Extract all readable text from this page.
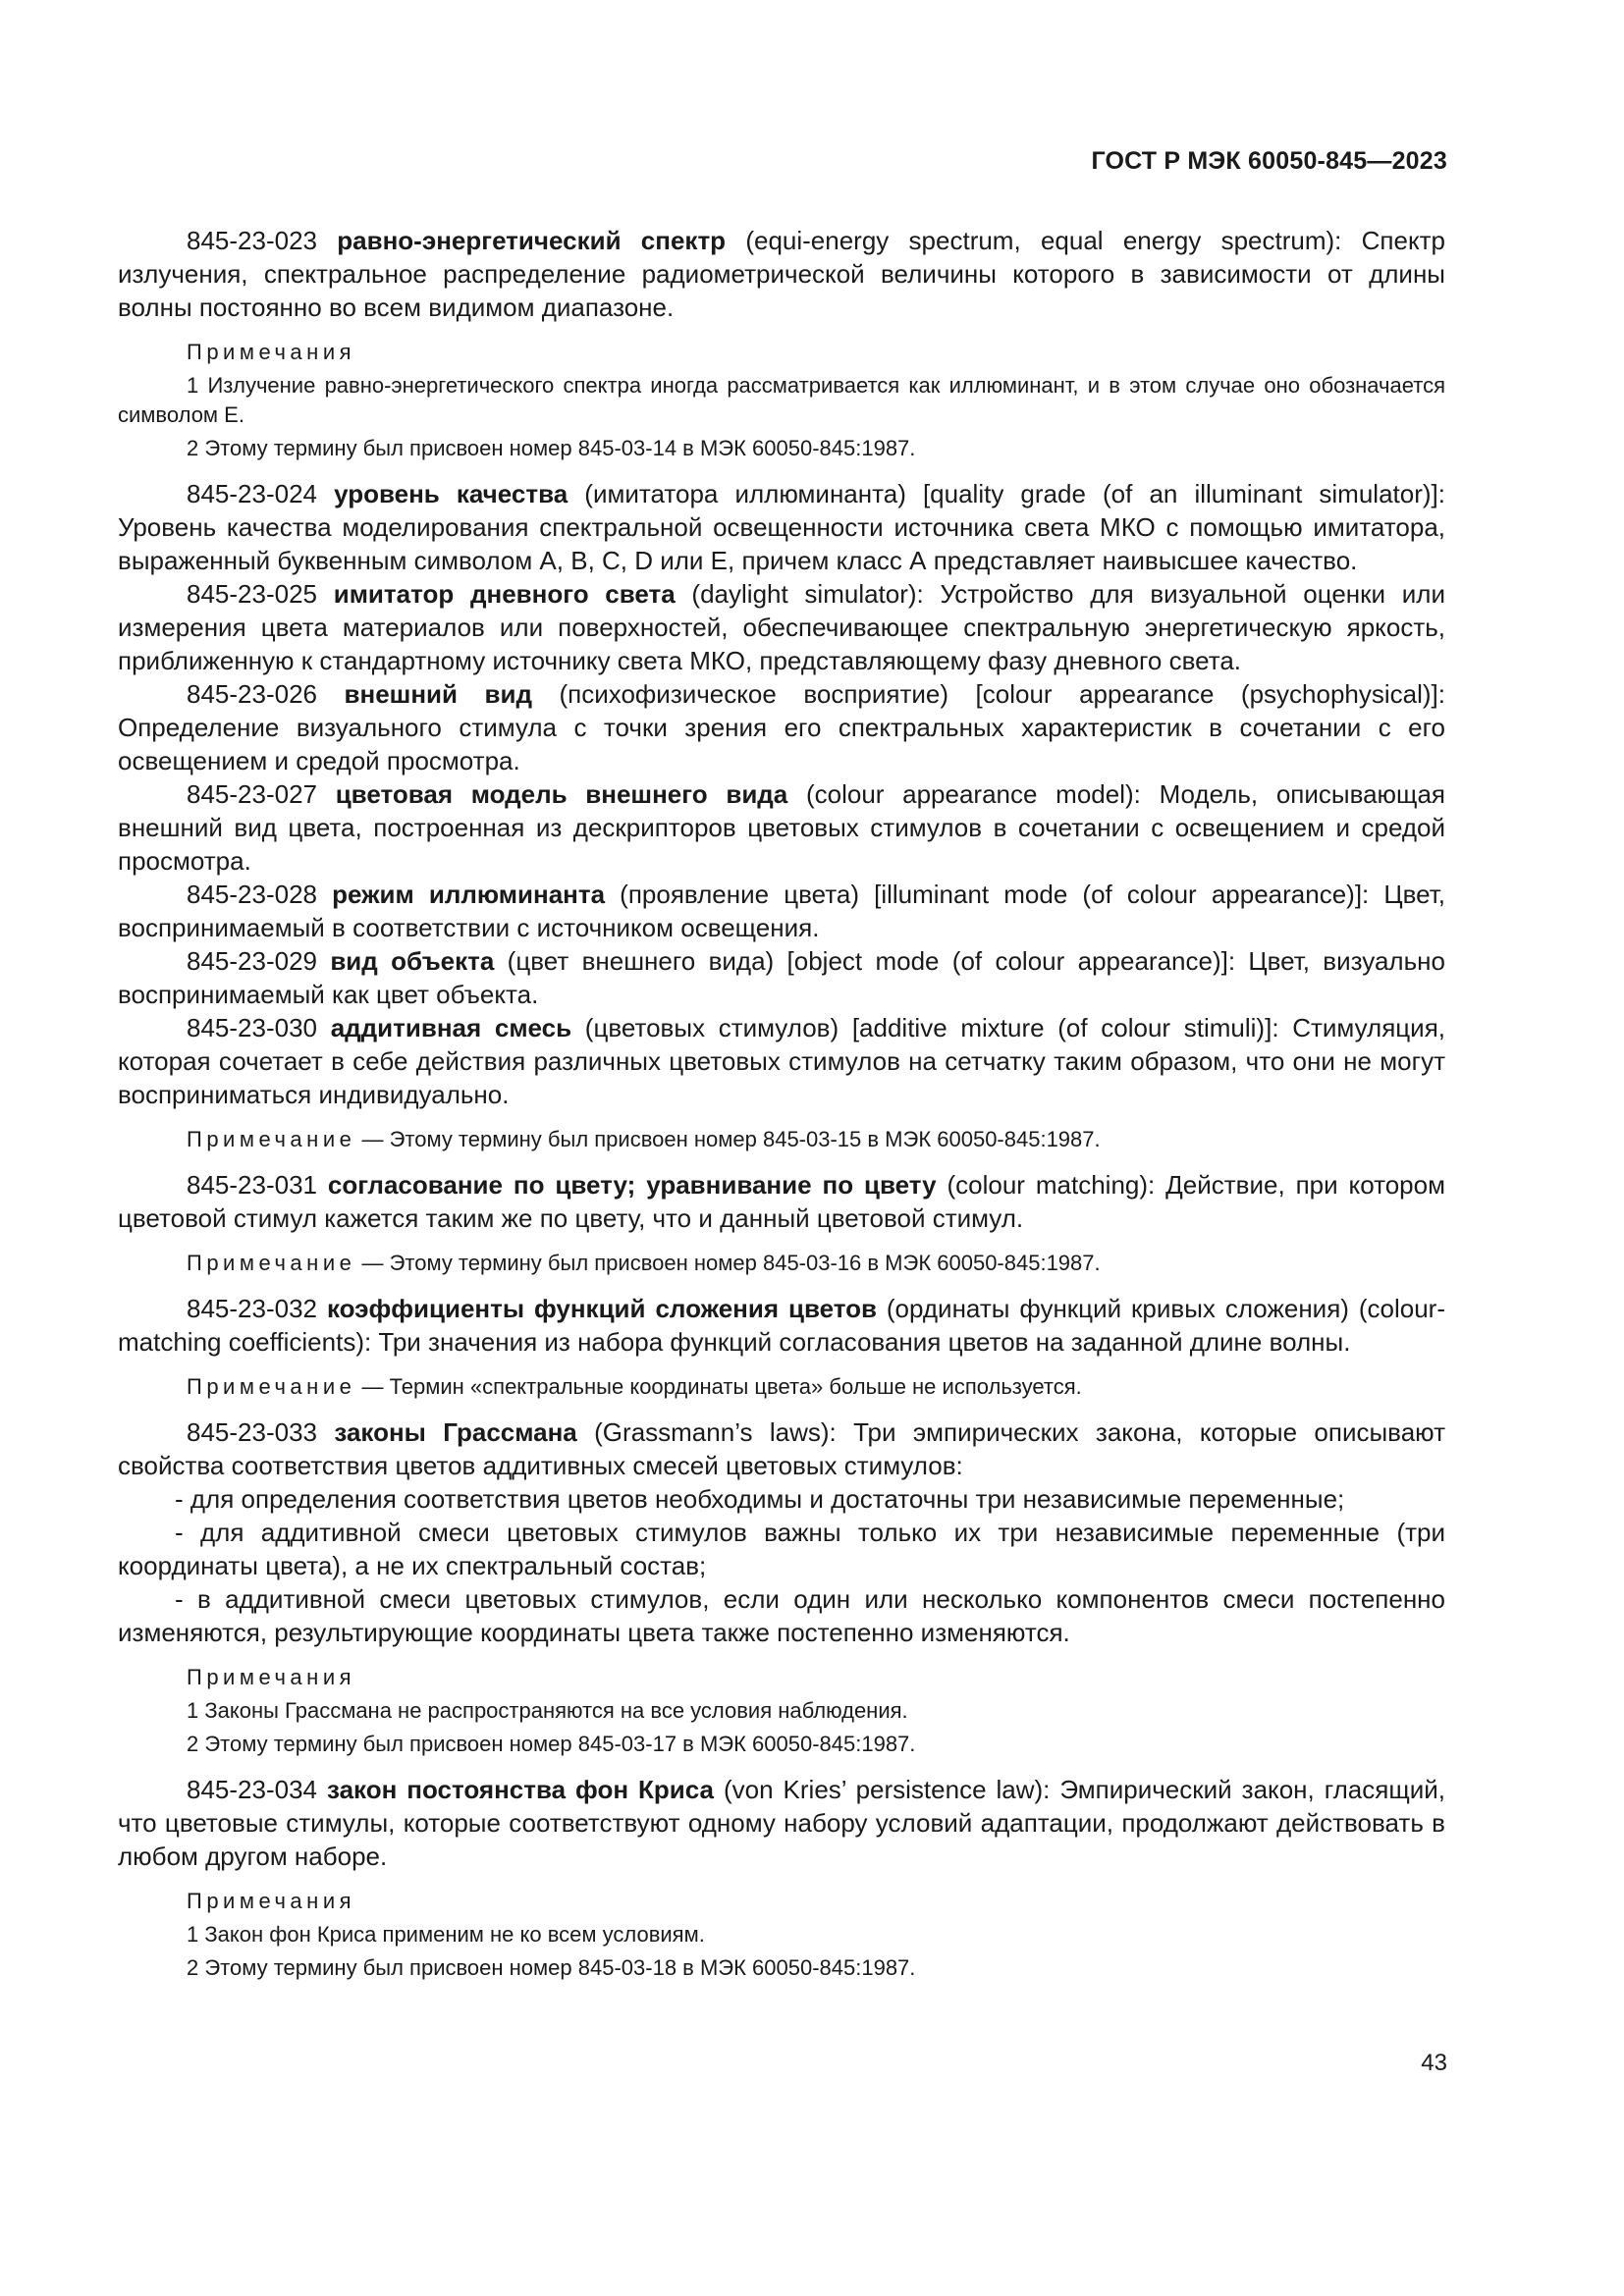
ГОСТ Р МЭК 60050-845—2023

845-23-023 равно-энергетический спектр (equi-energy spectrum, equal energy spectrum): Спектр излучения, спектральное распределение радиометрической величины которого в зависимости от длины волны постоянно во всем видимом диапазоне.

Примечания

1 Излучение равно-энергетического спектра иногда рассматривается как иллюминант, и в этом случае оно обозначается символом Е.

2 Этому термину был присвоен номер 845-03-14 в МЭК 60050-845:1987.

845-23-024 уровень качества (имитатора иллюминанта) [quality grade (of an illuminant simulator)]: Уровень качества моделирования спектральной освещенности источника света МКО с помощью имитатора, выраженный буквенным символом А, В, С, D или Е, причем класс А представляет наивысшее качество.

845-23-025 имитатор дневного света (daylight simulator): Устройство для визуальной оценки или измерения цвета материалов или поверхностей, обеспечивающее спектральную энергетическую яркость, приближенную к стандартному источнику света МКО, представляющему фазу дневного света.

845-23-026 внешний вид (психофизическое восприятие) [colour appearance (psychophysical)]: Определение визуального стимула с точки зрения его спектральных характеристик в сочетании с его освещением и средой просмотра.

845-23-027 цветовая модель внешнего вида (colour appearance model): Модель, описывающая внешний вид цвета, построенная из дескрипторов цветовых стимулов в сочетании с освещением и средой просмотра.

845-23-028 режим иллюминанта (проявление цвета) [illuminant mode (of colour appearance)]: Цвет, воспринимаемый в соответствии с источником освещения.

845-23-029 вид объекта (цвет внешнего вида) [object mode (of colour appearance)]: Цвет, визуально воспринимаемый как цвет объекта.

845-23-030 аддитивная смесь (цветовых стимулов) [additive mixture (of colour stimuli)]: Стимуляция, которая сочетает в себе действия различных цветовых стимулов на сетчатку таким образом, что они не могут восприниматься индивидуально.

Примечание — Этому термину был присвоен номер 845-03-15 в МЭК 60050-845:1987.

845-23-031 согласование по цвету; уравнивание по цвету (colour matching): Действие, при котором цветовой стимул кажется таким же по цвету, что и данный цветовой стимул.

Примечание — Этому термину был присвоен номер 845-03-16 в МЭК 60050-845:1987.

845-23-032 коэффициенты функций сложения цветов (ординаты функций кривых сложения) (colour-matching coefficients): Три значения из набора функций согласования цветов на заданной длине волны.

Примечание — Термин «спектральные координаты цвета» больше не используется.

845-23-033 законы Грассмана (Grassmann’s laws): Три эмпирических закона, которые описывают свойства соответствия цветов аддитивных смесей цветовых стимулов:

- для определения соответствия цветов необходимы и достаточны три независимые переменные;

- для аддитивной смеси цветовых стимулов важны только их три независимые переменные (три координаты цвета), а не их спектральный состав;

- в аддитивной смеси цветовых стимулов, если один или несколько компонентов смеси постепенно изменяются, результирующие координаты цвета также постепенно изменяются.

Примечания

1 Законы Грассмана не распространяются на все условия наблюдения.

2 Этому термину был присвоен номер 845-03-17 в МЭК 60050-845:1987.

845-23-034 закон постоянства фон Криса (von Kries’ persistence law): Эмпирический закон, гласящий, что цветовые стимулы, которые соответствуют одному набору условий адаптации, продолжают действовать в любом другом наборе.

Примечания

1 Закон фон Криса применим не ко всем условиям.

2 Этому термину был присвоен номер 845-03-18 в МЭК 60050-845:1987.

43
